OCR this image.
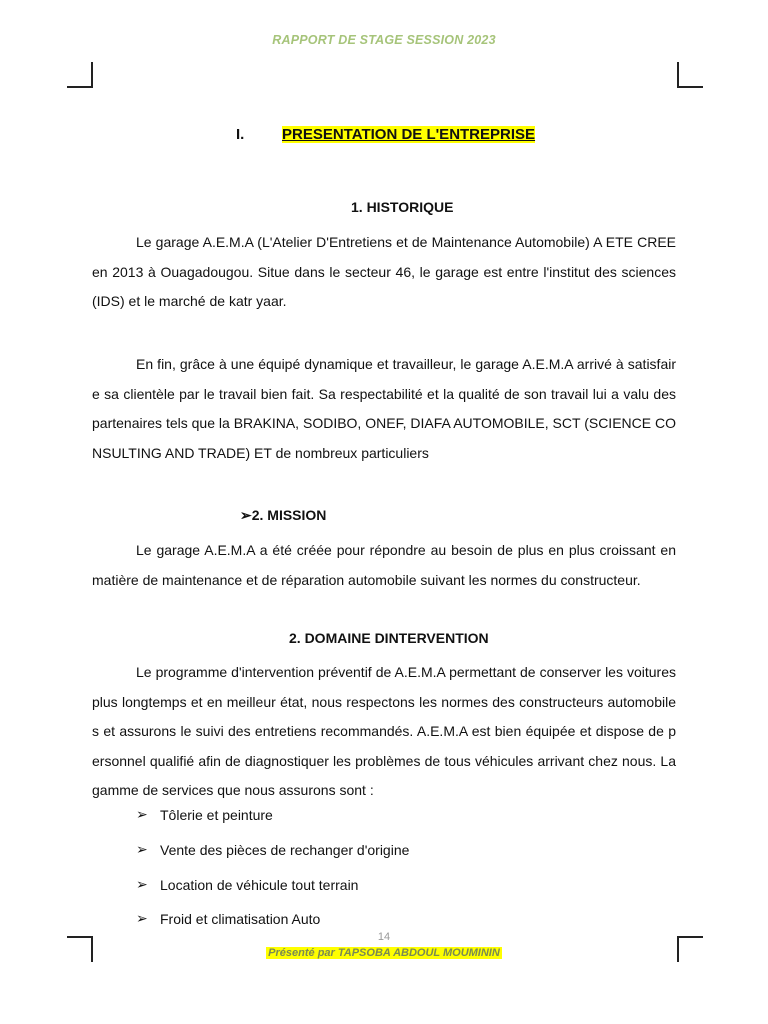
RAPPORT DE STAGE SESSION 2023
I.	PRESENTATION DE L'ENTREPRISE
1. HISTORIQUE
Le garage A.E.M.A (L'Atelier D'Entretiens et de Maintenance Automobile) A ETE CREE en 2013 à Ouagadougou. Situe dans le secteur 46, le garage est entre l'institut des sciences (IDS) et le marché de katr yaar.
En fin, grâce à une équipé dynamique et travailleur, le garage A.E.M.A arrivé à satisfaire sa clientèle par le travail bien fait. Sa respectabilité et la qualité de son travail lui a valu des partenaires tels que la BRAKINA, SODIBO, ONEF, DIAFA AUTOMOBILE, SCT (SCIENCE CONSULTING AND TRADE) ET de nombreux particuliers
➢2. MISSION
Le garage A.E.M.A a été créée pour répondre au besoin de plus en plus croissant en matière de maintenance et de réparation automobile suivant les normes du constructeur.
2. DOMAINE DINTERVENTION
Le programme d'intervention préventif de A.E.M.A permettant de conserver les voitures plus longtemps et en meilleur état, nous respectons les normes des constructeurs automobiles et assurons le suivi des entretiens recommandés. A.E.M.A est bien équipée et dispose de personnel qualifié afin de diagnostiquer les problèmes de tous véhicules arrivant chez nous. La gamme de services que nous assurons sont :
➢ Tôlerie et peinture
➢ Vente des pièces de rechanger d'origine
➢ Location de véhicule tout terrain
➢ Froid et climatisation Auto
14
Présenté par TAPSOBA ABDOUL MOUMININ
